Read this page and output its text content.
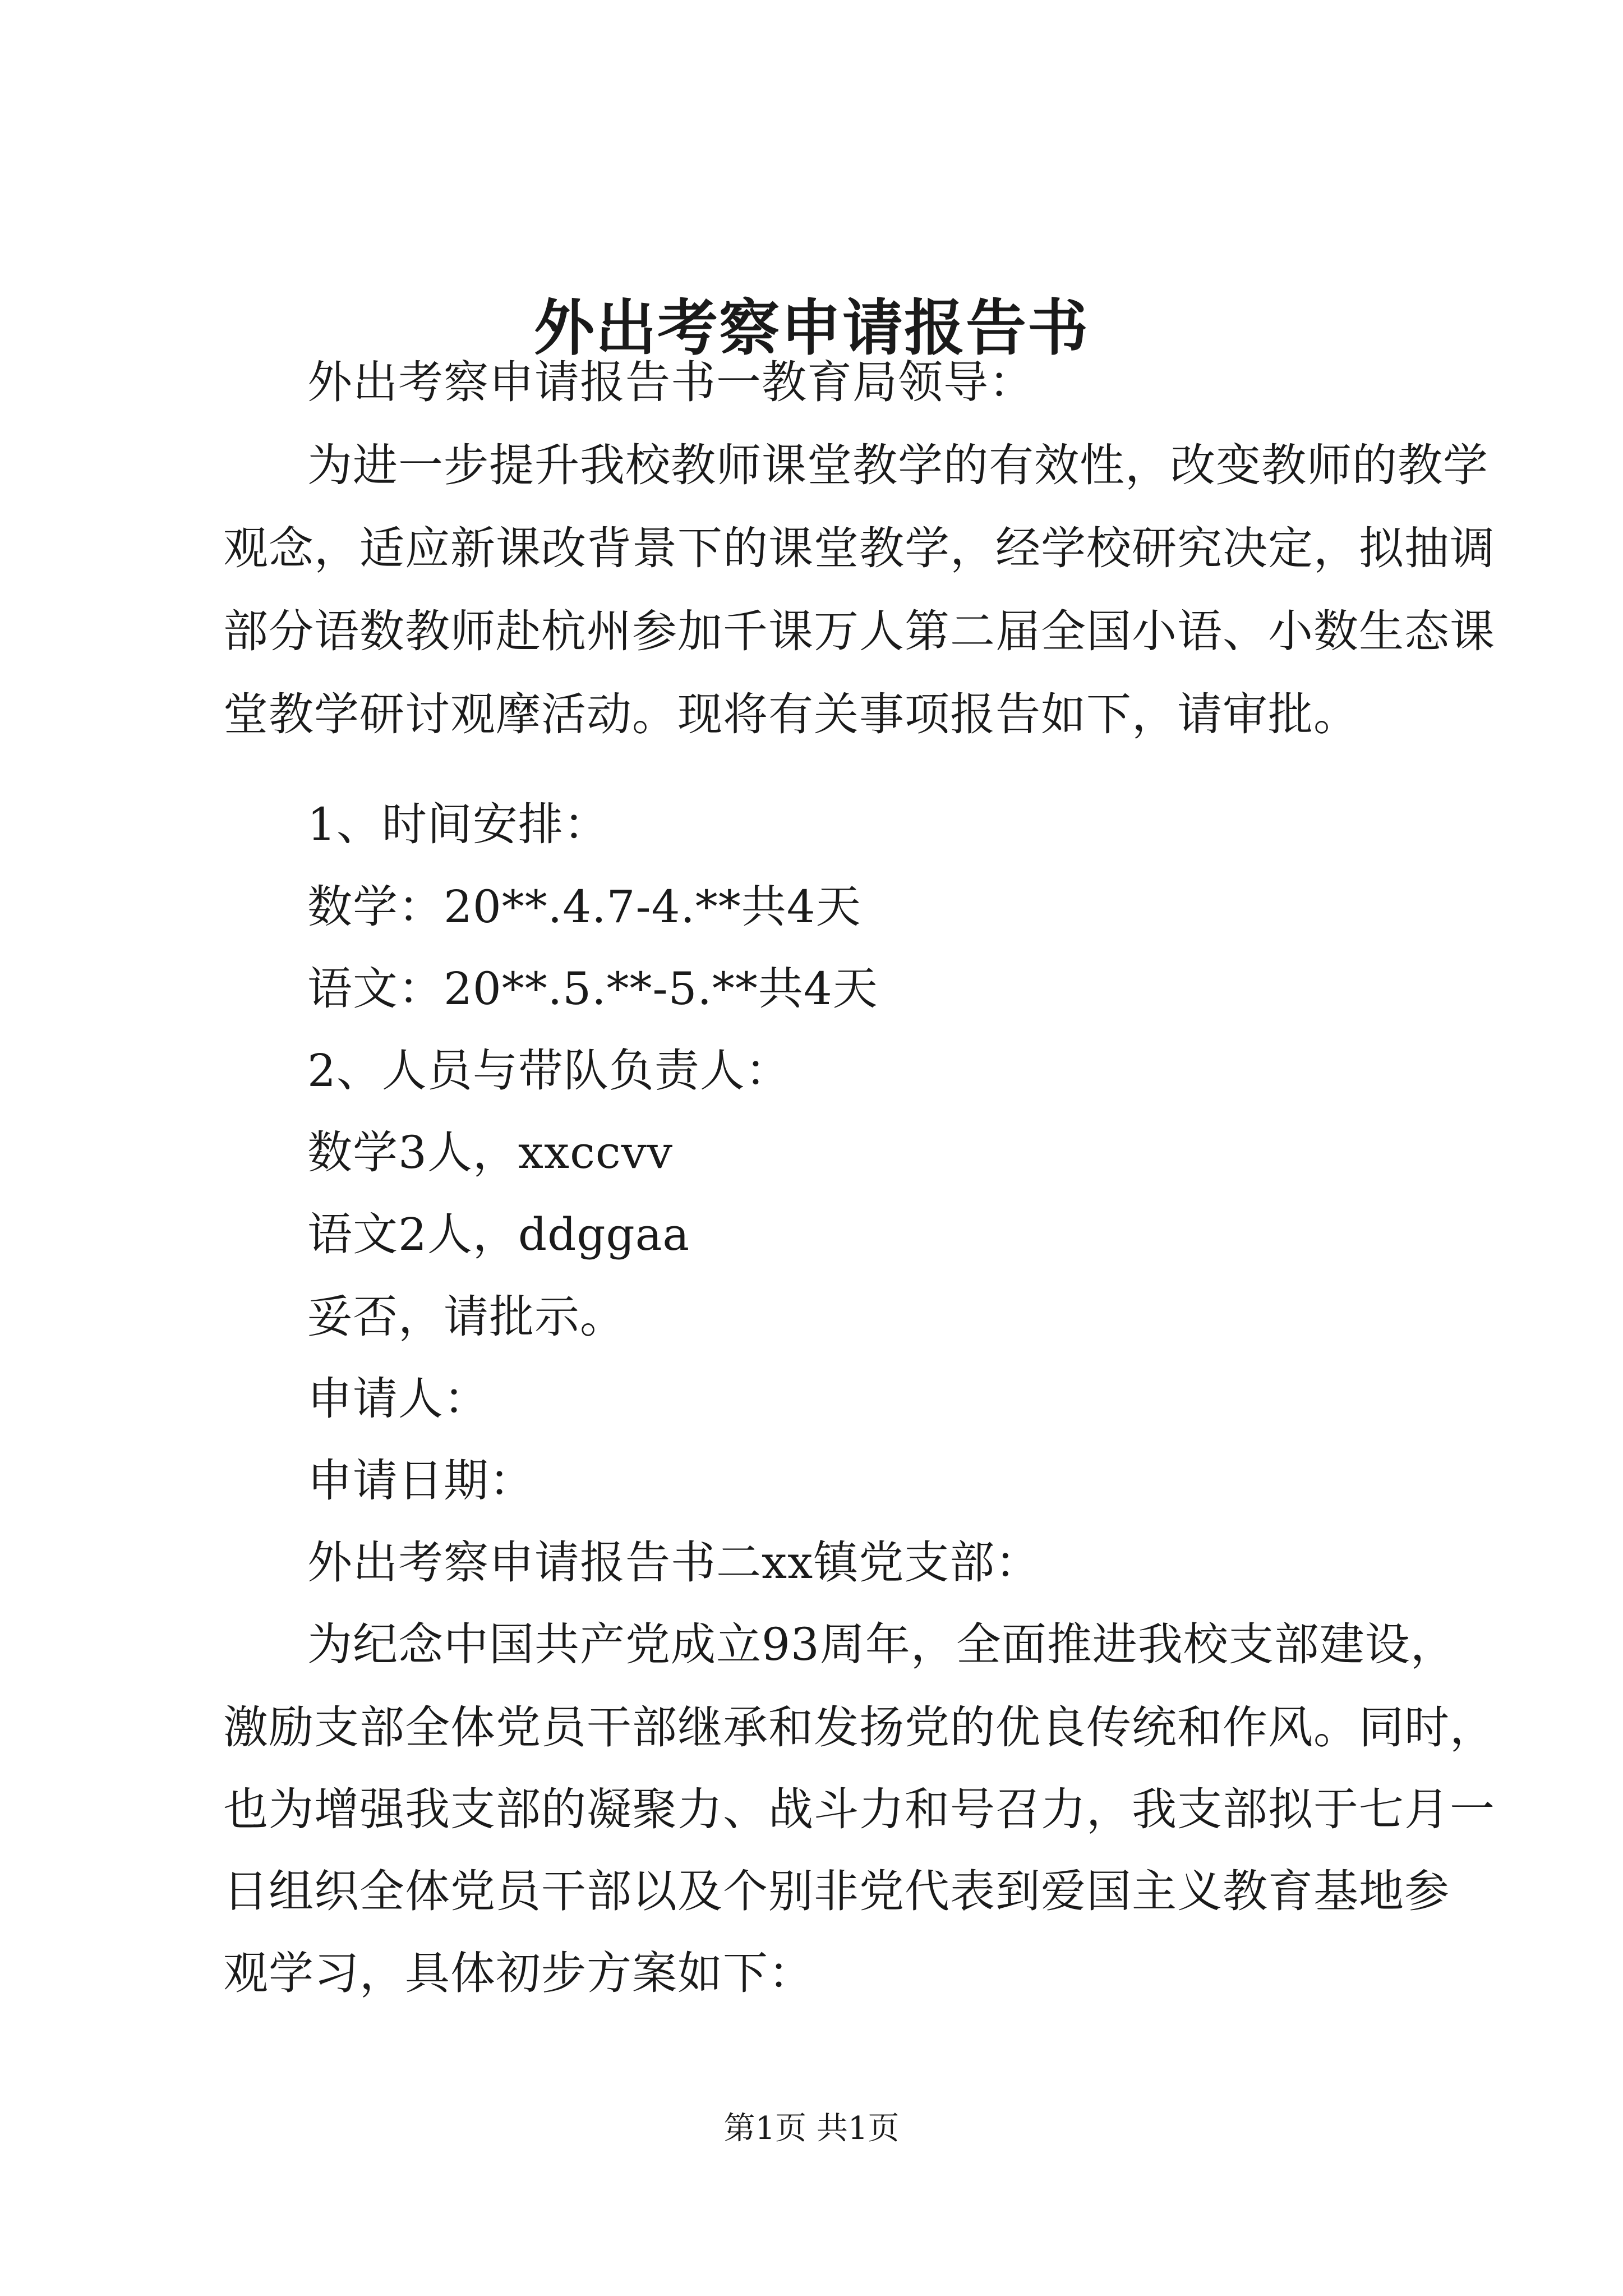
外出考察申请报告书
外出考察申请报告书一教育局领导：
为进一步提升我校教师课堂教学的有效性，改变教师的教学
观念，适应新课改背景下的课堂教学，经学校研究决定，拟抽调
部分语数教师赴杭州参加千课万人第二届全国小语、小数生态课
堂教学研讨观摩活动。现将有关事项报告如下，请审批。
1、时间安排：
数学：20**.4.7-4.**共4天
语文：20**.5.**-5.**共4天
2、人员与带队负责人：
数学3人，xxccvv
语文2人，ddggaa
妥否，请批示。
申请人：
申请日期：
外出考察申请报告书二xx镇党支部：
为纪念中国共产党成立93周年，全面推进我校支部建设，
激励支部全体党员干部继承和发扬党的优良传统和作风。同时，
也为增强我支部的凝聚力、战斗力和号召力，我支部拟于七月一
日组织全体党员干部以及个别非党代表到爱国主义教育基地参
观学习，具体初步方案如下：
第1页 共1页
